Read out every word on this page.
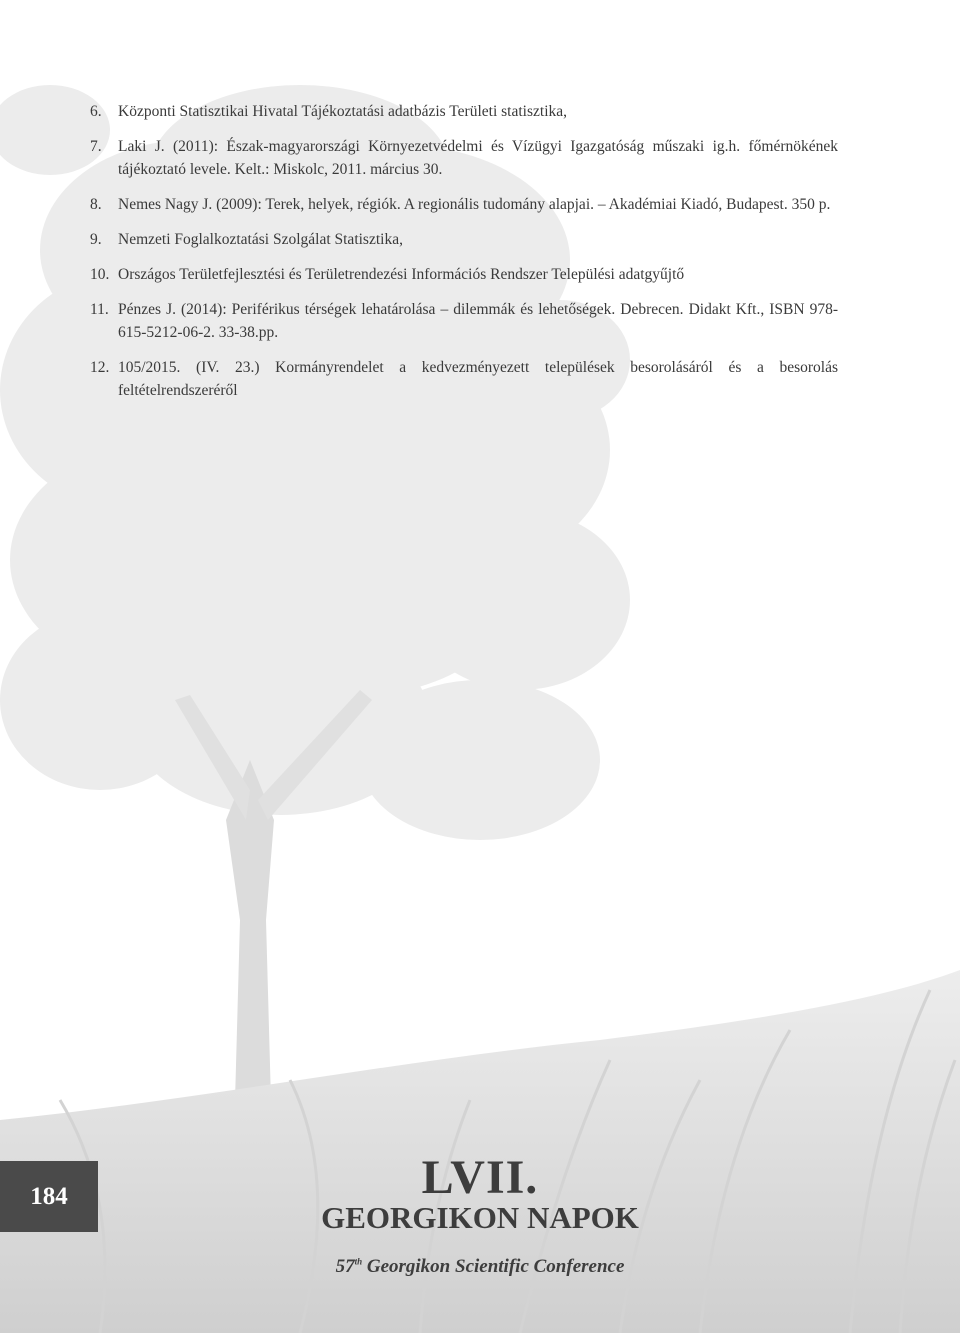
6.	Központi Statisztikai Hivatal Tájékoztatási adatbázis Területi statisztika,
7.	Laki J. (2011): Észak-magyarországi Környezetvédelmi és Vízügyi Igazgatóság műszaki ig.h. főmérnökének tájékoztató levele. Kelt.: Miskolc, 2011. március 30.
8.	Nemes Nagy J. (2009): Terek, helyek, régiók. A regionális tudomány alapjai. – Akadémiai Kiadó, Budapest. 350 p.
9.	Nemzeti Foglalkoztatási Szolgálat Statisztika,
10. Országos Területfejlesztési és Területrendezési Információs Rendszer Települési adatgyűjtő
11. Pénzes J. (2014): Periférikus térségek lehatárolása – dilemmák és lehetőségek. Debrecen. Didakt Kft., ISBN 978-615-5212-06-2. 33-38.pp.
12. 105/2015. (IV. 23.) Kormányrendelet a kedvezményezett települések besorolásáról és a besorolás feltételrendszeréről
184	LVII.
GEORGIKON NAPOK
57th Georgikon Scientific Conference
